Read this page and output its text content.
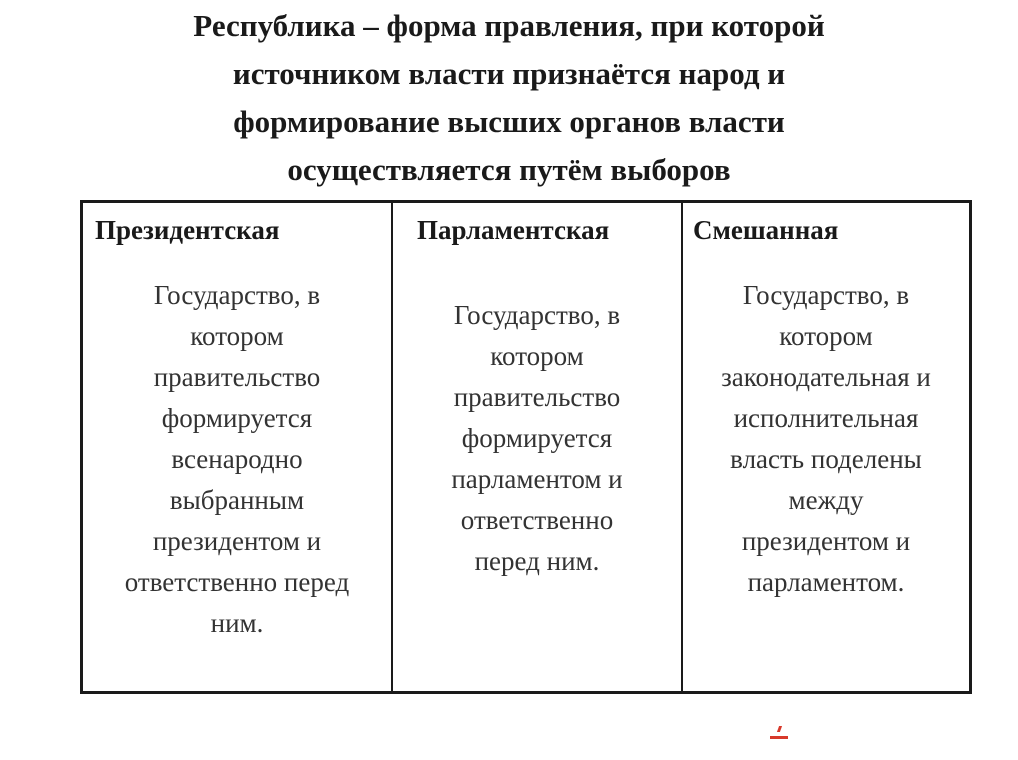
Республика – форма правления, при которой
источником власти признаётся народ и
формирование высших органов власти
осуществляется путём выборов
Президентская
Государство, в
котором
правительство
формируется
всенародно
выбранным
президентом и
ответственно перед
ним.
Парламентская
Государство, в
котором
правительство
формируется
парламентом и
ответственно
перед ним.
Смешанная
Государство, в
котором
законодательная и
исполнительная
власть поделены
между
президентом и
парламентом.
